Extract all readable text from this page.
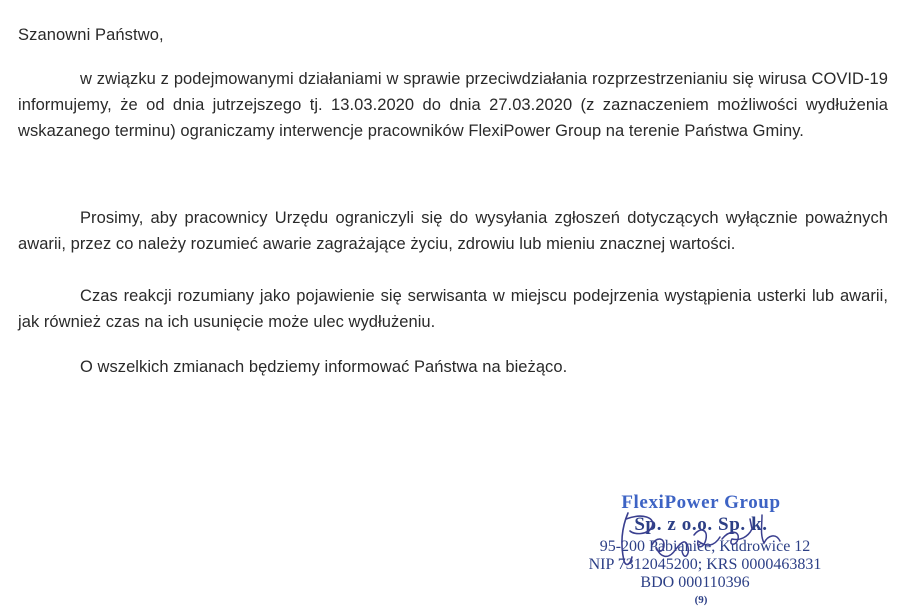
Szanowni Państwo,
w związku z podejmowanymi działaniami w sprawie przeciwdziałania rozprzestrzenianiu się wirusa COVID-19 informujemy, że od dnia jutrzejszego tj. 13.03.2020 do dnia 27.03.2020 (z zaznaczeniem możliwości wydłużenia wskazanego terminu) ograniczamy interwencje pracowników FlexiPower Group na terenie Państwa Gminy.
Prosimy, aby pracownicy Urzędu ograniczyli się do wysyłania zgłoszeń dotyczących wyłącznie poważnych awarii, przez co należy rozumieć awarie zagrażające życiu, zdrowiu lub mieniu znacznej wartości.
Czas reakcji rozumiany jako pojawienie się serwisanta w miejscu podejrzenia wystąpienia usterki lub awarii, jak również czas na ich usunięcie może ulec wydłużeniu.
O wszelkich zmianach będziemy informować Państwa na bieżąco.
FlexiPower Group
Sp. z o.o. Sp. k.
95-200 Pabianice, Kudrowice 12
NIP 7312045200; KRS 0000463831
BDO 000110396
(9)
